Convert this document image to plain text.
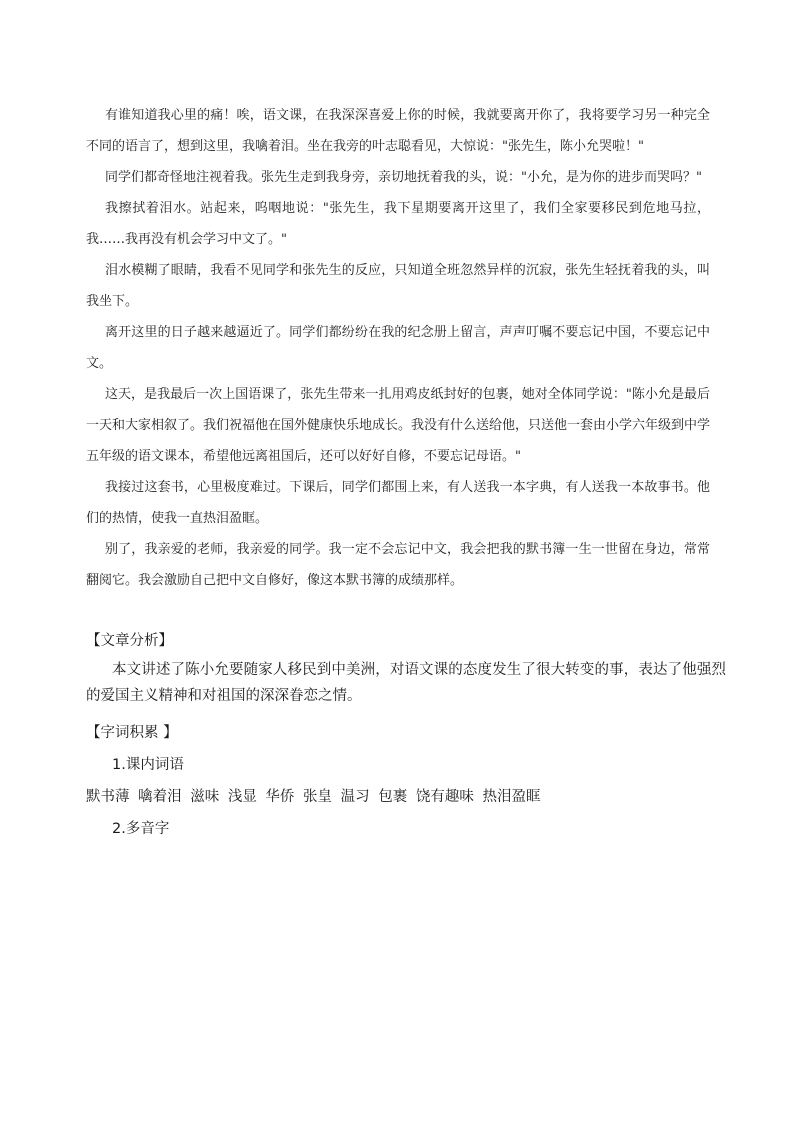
有谁知道我心里的痛！唉，语文课，在我深深喜爱上你的时候，我就要离开你了，我将要学习另一种完全不同的语言了，想到这里，我噙着泪。坐在我旁的叶志聪看见，大惊说："张先生，陈小允哭啦！"

同学们都奇怪地注视着我。张先生走到我身旁，亲切地抚着我的头，说："小允，是为你的进步而哭吗？"

我擦拭着泪水。站起来，呜咽地说："张先生，我下星期要离开这里了，我们全家要移民到危地马拉，我……我再没有机会学习中文了。"

泪水模糊了眼睛，我看不见同学和张先生的反应，只知道全班忽然异样的沉寂，张先生轻抚着我的头，叫我坐下。

离开这里的日子越来越逼近了。同学们都纷纷在我的纪念册上留言，声声叮嘱不要忘记中国，不要忘记中文。

这天，是我最后一次上国语课了，张先生带来一扎用鸡皮纸封好的包裹，她对全体同学说："陈小允是最后一天和大家相叙了。我们祝福他在国外健康快乐地成长。我没有什么送给他，只送他一套由小学六年级到中学五年级的语文课本，希望他远离祖国后，还可以好好自修，不要忘记母语。"

我接过这套书，心里极度难过。下课后，同学们都围上来，有人送我一本字典，有人送我一本故事书。他们的热情，使我一直热泪盈眶。

别了，我亲爱的老师，我亲爱的同学。我一定不会忘记中文，我会把我的默书簿一生一世留在身边，常常翻阅它。我会激励自己把中文自修好，像这本默书簿的成绩那样。

【文章分析】

本文讲述了陈小允要随家人移民到中美洲，对语文课的态度发生了很大转变的事，表达了他强烈的爱国主义精神和对祖国的深深眷恋之情。

【字词积累 】
1.课内词语
默书薄 噙着泪 滋味 浅显 华侨 张皇 温习 包裹 饶有趣味 热泪盈眶
2.多音字
